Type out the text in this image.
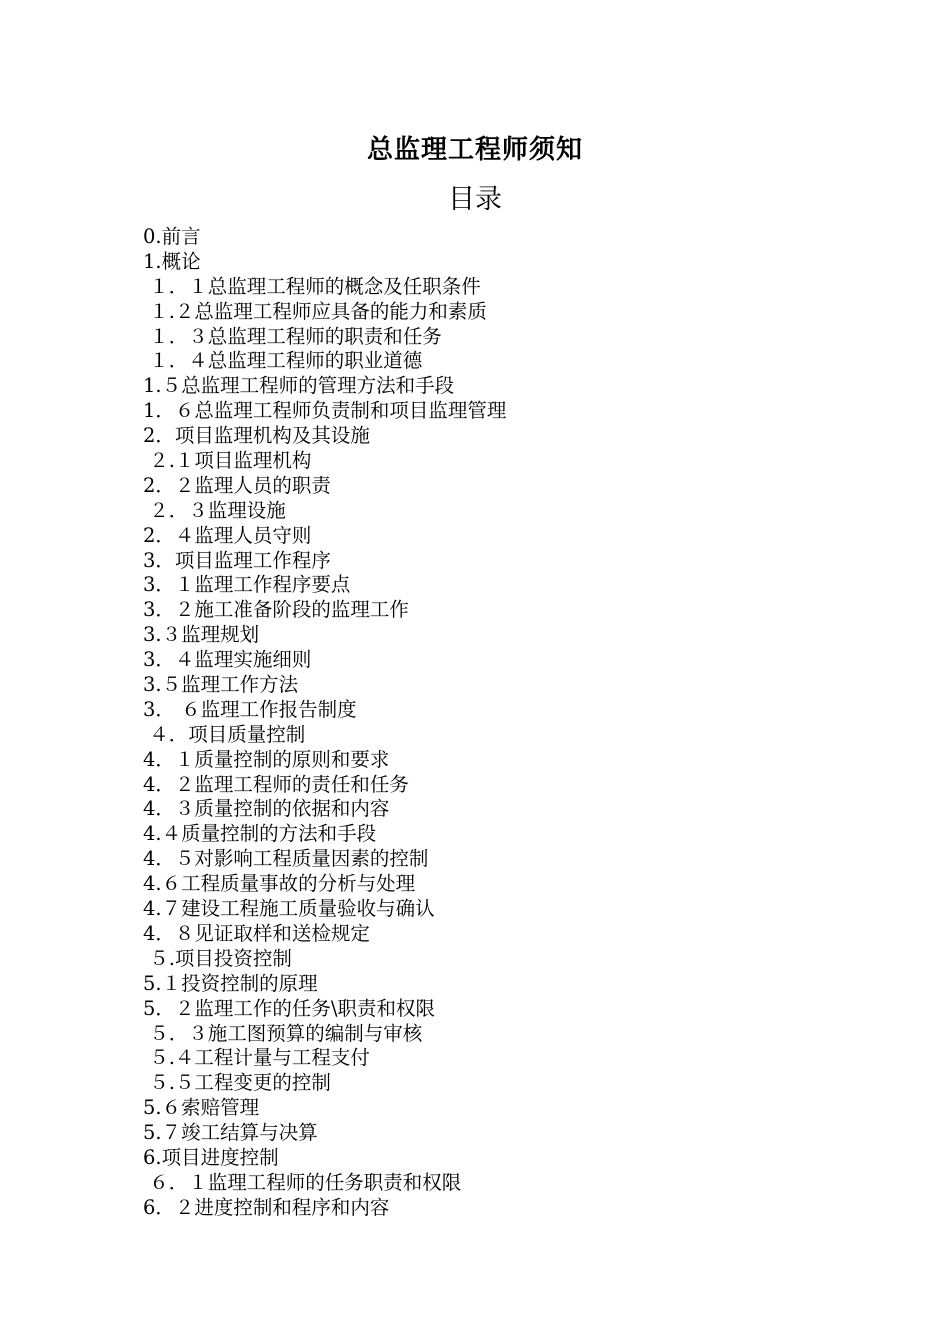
总监理工程师须知
目录
0.前言
1.概论
１．１总监理工程师的概念及任职条件
１.２总监理工程师应具备的能力和素质
１．３总监理工程师的职责和任务
１．４总监理工程师的职业道德
1.５总监理工程师的管理方法和手段
1．６总监理工程师负责制和项目监理管理
2．项目监理机构及其设施
２.１项目监理机构
2．２监理人员的职责
２．３监理设施
2．４监理人员守则
3．项目监理工作程序
3．１监理工作程序要点
3．２施工准备阶段的监理工作
3.３监理规划
3．４监理实施细则
3.５监理工作方法
3． ６监理工作报告制度
４．项目质量控制
4．１质量控制的原则和要求
4．２监理工程师的责任和任务
4．３质量控制的依据和内容
4.４质量控制的方法和手段
4．５对影响工程质量因素的控制
4.６工程质量事故的分析与处理
4.７建设工程施工质量验收与确认
4．８见证取样和送检规定
５.项目投资控制
5.１投资控制的原理
5．２监理工作的任务\职责和权限
５．３施工图预算的编制与审核
５.４工程计量与工程支付
５.５工程变更的控制
5.６索赔管理
5.７竣工结算与决算
6.项目进度控制
６．１监理工程师的任务职责和权限
6．２进度控制和程序和内容
